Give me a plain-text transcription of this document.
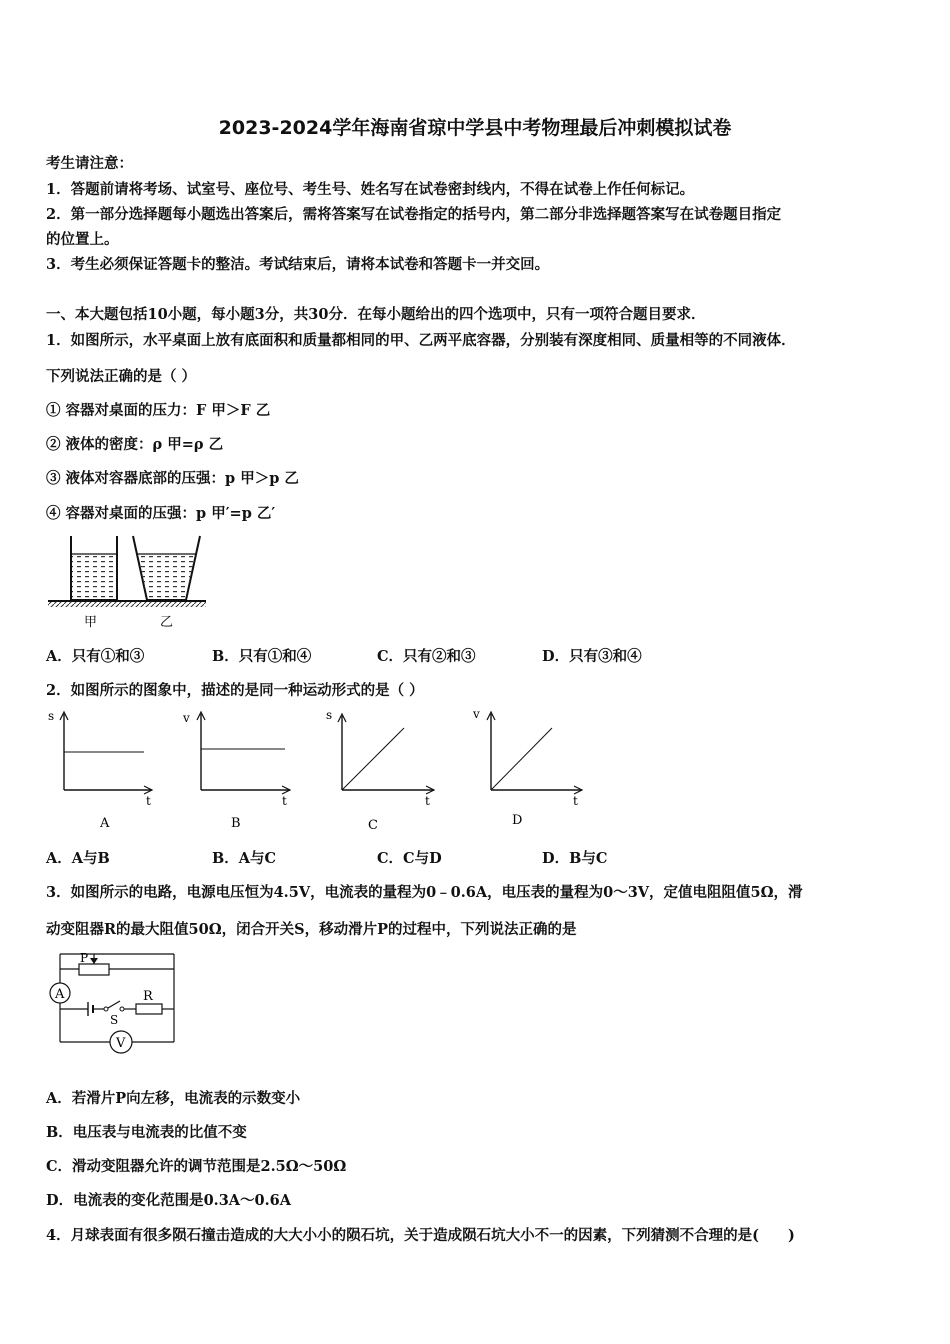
2023-2024学年海南省琼中学县中考物理最后冲刺模拟试卷
考生请注意：
1．答题前请将考场、试室号、座位号、考生号、姓名写在试卷密封线内，不得在试卷上作任何标记。
2．第一部分选择题每小题选出答案后，需将答案写在试卷指定的括号内，第二部分非选择题答案写在试卷题目指定
的位置上。
3．考生必须保证答题卡的整洁。考试结束后，请将本试卷和答题卡一并交回。
一、本大题包括10小题，每小题3分，共30分．在每小题给出的四个选项中，只有一项符合题目要求．
1．如图所示，水平桌面上放有底面积和质量都相同的甲、乙两平底容器，分别装有深度相同、质量相等的不同液体．
下列说法正确的是（ ）
① 容器对桌面的压力：F 甲＞F 乙
② 液体的密度：ρ 甲=ρ 乙
③ 液体对容器底部的压强：p 甲＞p 乙
④ 容器对桌面的压强：p 甲′=p 乙′
甲	乙
A．只有①和③	B．只有①和④	C．只有②和③	D．只有③和④
2．如图所示的图象中，描述的是同一种运动形式的是（ ）
s
t
A
v
t
B
s
t
C
v
t
D
A．A与B	B．A与C	C．C与D	D．B与C
3．如图所示的电路，电源电压恒为4.5V，电流表的量程为0﹣0.6A，电压表的量程为0～3V，定值电阻阻值5Ω，滑
动变阻器R的最大阻值50Ω，闭合开关S，移动滑片P的过程中，下列说法正确的是
P
A
S
R
V
A．若滑片P向左移，电流表的示数变小
B．电压表与电流表的比值不变
C．滑动变阻器允许的调节范围是2.5Ω～50Ω
D．电流表的变化范围是0.3A～0.6A
4．月球表面有很多陨石撞击造成的大大小小的陨石坑，关于造成陨石坑大小不一的因素，下列猜测不合理的是(　　)
